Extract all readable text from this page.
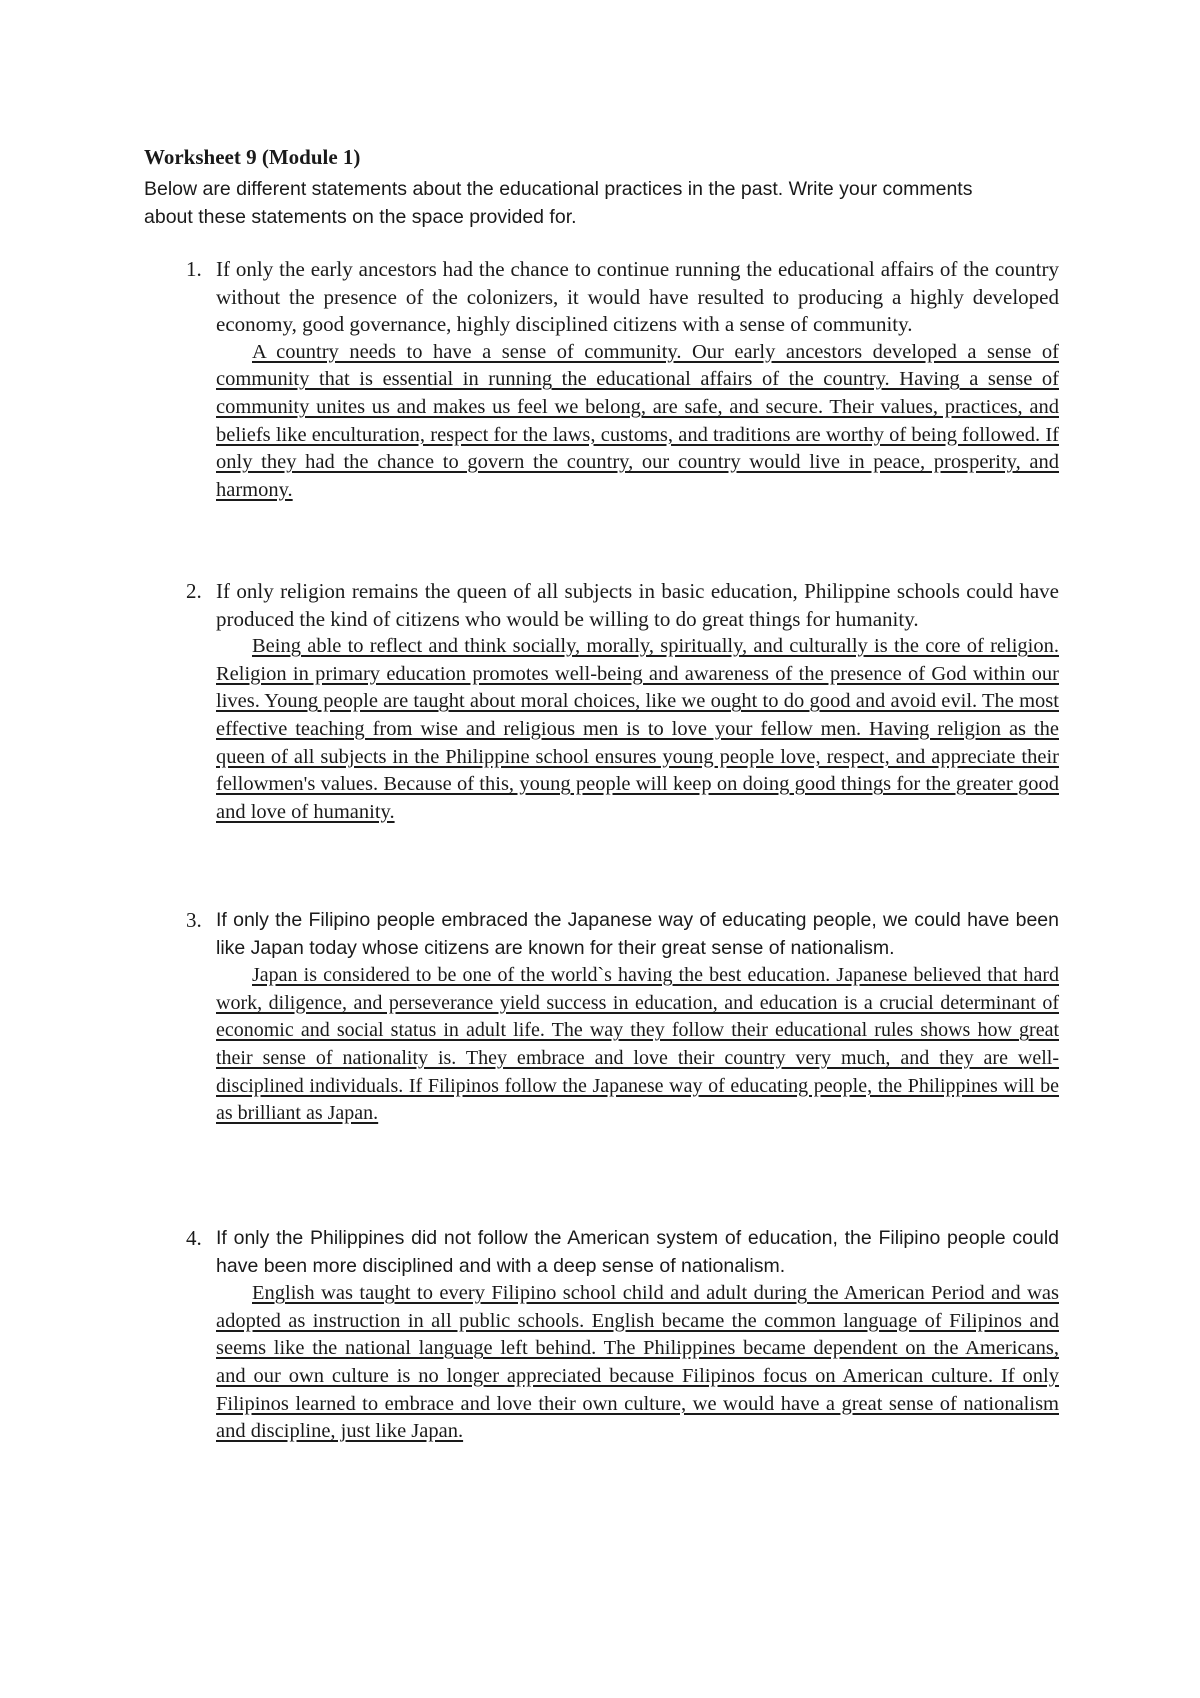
Worksheet 9 (Module 1)
Below are different statements about the educational practices in the past. Write your comments about these statements on the space provided for.
1. If only the early ancestors had the chance to continue running the educational affairs of the country without the presence of the colonizers, it would have resulted to producing a highly developed economy, good governance, highly disciplined citizens with a sense of community.

A country needs to have a sense of community. Our early ancestors developed a sense of community that is essential in running the educational affairs of the country. Having a sense of community unites us and makes us feel we belong, are safe, and secure. Their values, practices, and beliefs like enculturation, respect for the laws, customs, and traditions are worthy of being followed. If only they had the chance to govern the country, our country would live in peace, prosperity, and harmony.

2. If only religion remains the queen of all subjects in basic education, Philippine schools could have produced the kind of citizens who would be willing to do great things for humanity.

Being able to reflect and think socially, morally, spiritually, and culturally is the core of religion. Religion in primary education promotes well-being and awareness of the presence of God within our lives. Young people are taught about moral choices, like we ought to do good and avoid evil. The most effective teaching from wise and religious men is to love your fellow men. Having religion as the queen of all subjects in the Philippine school ensures young people love, respect, and appreciate their fellowmen's values. Because of this, young people will keep on doing good things for the greater good and love of humanity.

3. If only the Filipino people embraced the Japanese way of educating people, we could have been like Japan today whose citizens are known for their great sense of nationalism.

Japan is considered to be one of the world`s having the best education. Japanese believed that hard work, diligence, and perseverance yield success in education, and education is a crucial determinant of economic and social status in adult life. The way they follow their educational rules shows how great their sense of nationality is. They embrace and love their country very much, and they are well-disciplined individuals. If Filipinos follow the Japanese way of educating people, the Philippines will be as brilliant as Japan.

4. If only the Philippines did not follow the American system of education, the Filipino people could have been more disciplined and with a deep sense of nationalism.

English was taught to every Filipino school child and adult during the American Period and was adopted as instruction in all public schools. English became the common language of Filipinos and seems like the national language left behind. The Philippines became dependent on the Americans, and our own culture is no longer appreciated because Filipinos focus on American culture. If only Filipinos learned to embrace and love their own culture, we would have a great sense of nationalism and discipline, just like Japan.
